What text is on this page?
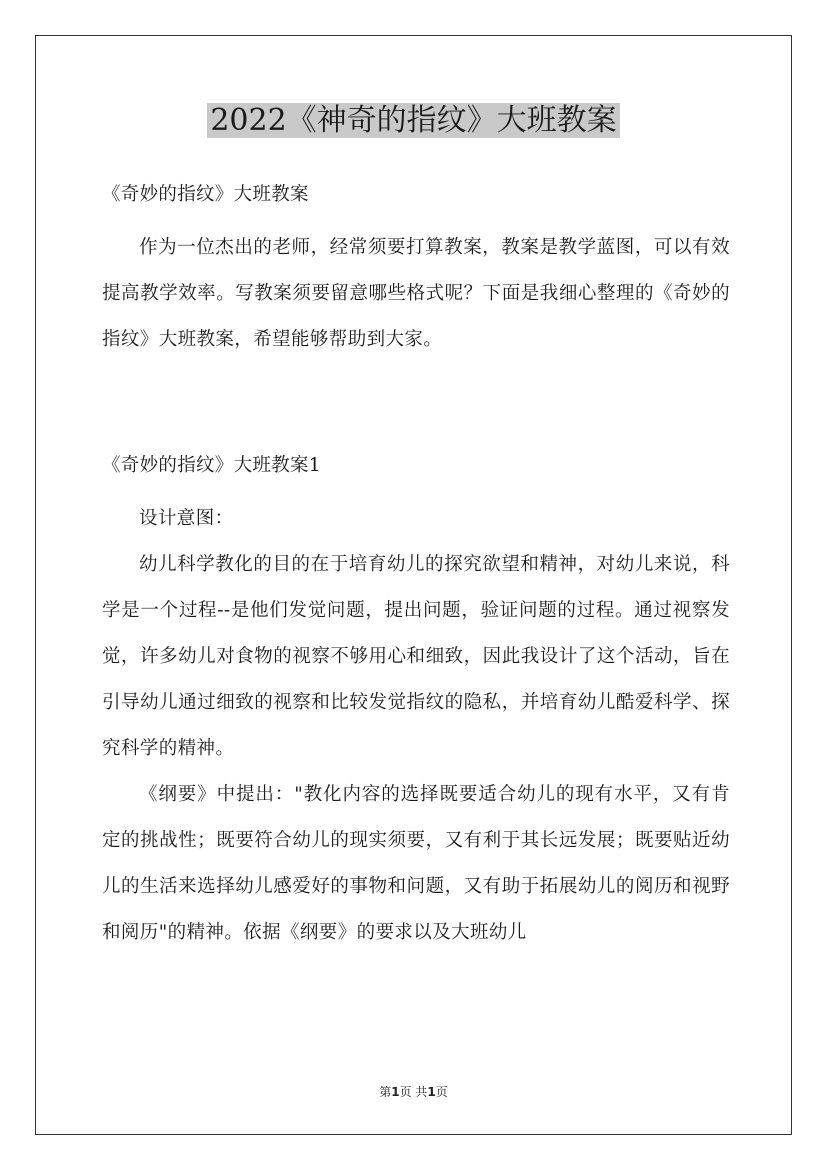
2022《神奇的指纹》大班教案

《奇妙的指纹》大班教案

作为一位杰出的老师，经常须要打算教案，教案是教学蓝图，可以有效提高教学效率。写教案须要留意哪些格式呢？下面是我细心整理的《奇妙的指纹》大班教案，希望能够帮助到大家。

《奇妙的指纹》大班教案1

设计意图：

幼儿科学教化的目的在于培育幼儿的探究欲望和精神，对幼儿来说，科学是一个过程--是他们发觉问题，提出问题，验证问题的过程。通过视察发觉，许多幼儿对食物的视察不够用心和细致，因此我设计了这个活动，旨在引导幼儿通过细致的视察和比较发觉指纹的隐私，并培育幼儿酷爱科学、探究科学的精神。

《纲要》中提出："教化内容的选择既要适合幼儿的现有水平，又有肯定的挑战性；既要符合幼儿的现实须要，又有利于其长远发展；既要贴近幼儿的生活来选择幼儿感爱好的事物和问题，又有助于拓展幼儿的阅历和视野和阅历"的精神。依据《纲要》的要求以及大班幼儿

第1页 共1页
